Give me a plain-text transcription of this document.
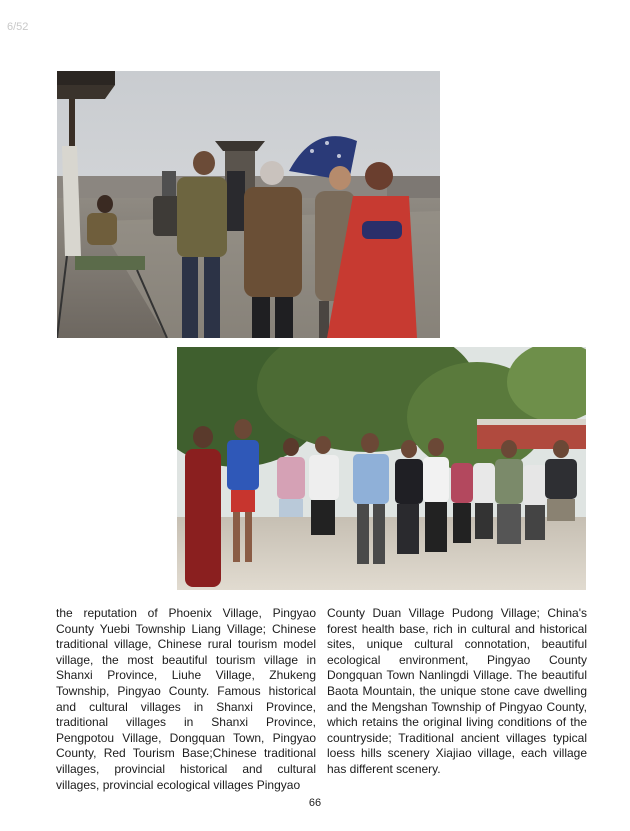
6/52
the reputation of Phoenix Village, Pingyao County Yuebi Township Liang Village; Chinese traditional village, Chinese rural tourism model village, the most beautiful tourism village in Shanxi Province, Liuhe Village, Zhukeng Township, Pingyao County. Famous historical and cultural villages in Shanxi Province, traditional villages in Shanxi Province, Pengpotou Village, Dongquan Town, Pingyao County, Red Tourism Base;Chinese traditional villages, provincial historical and cultural villages, provincial ecological villages Pingyao
County Duan Village Pudong Village; China's forest health base, rich in cultural and historical sites, unique cultural connotation, beautiful ecological environment, Pingyao County Dongquan Town Nanlingdi Village. The beautiful Baota Mountain, the unique stone cave dwelling and the Mengshan Township of Pingyao County, which retains the original living conditions of the countryside; Traditional ancient villages typical loess hills scenery Xiajiao village, each village has different scenery.
66
